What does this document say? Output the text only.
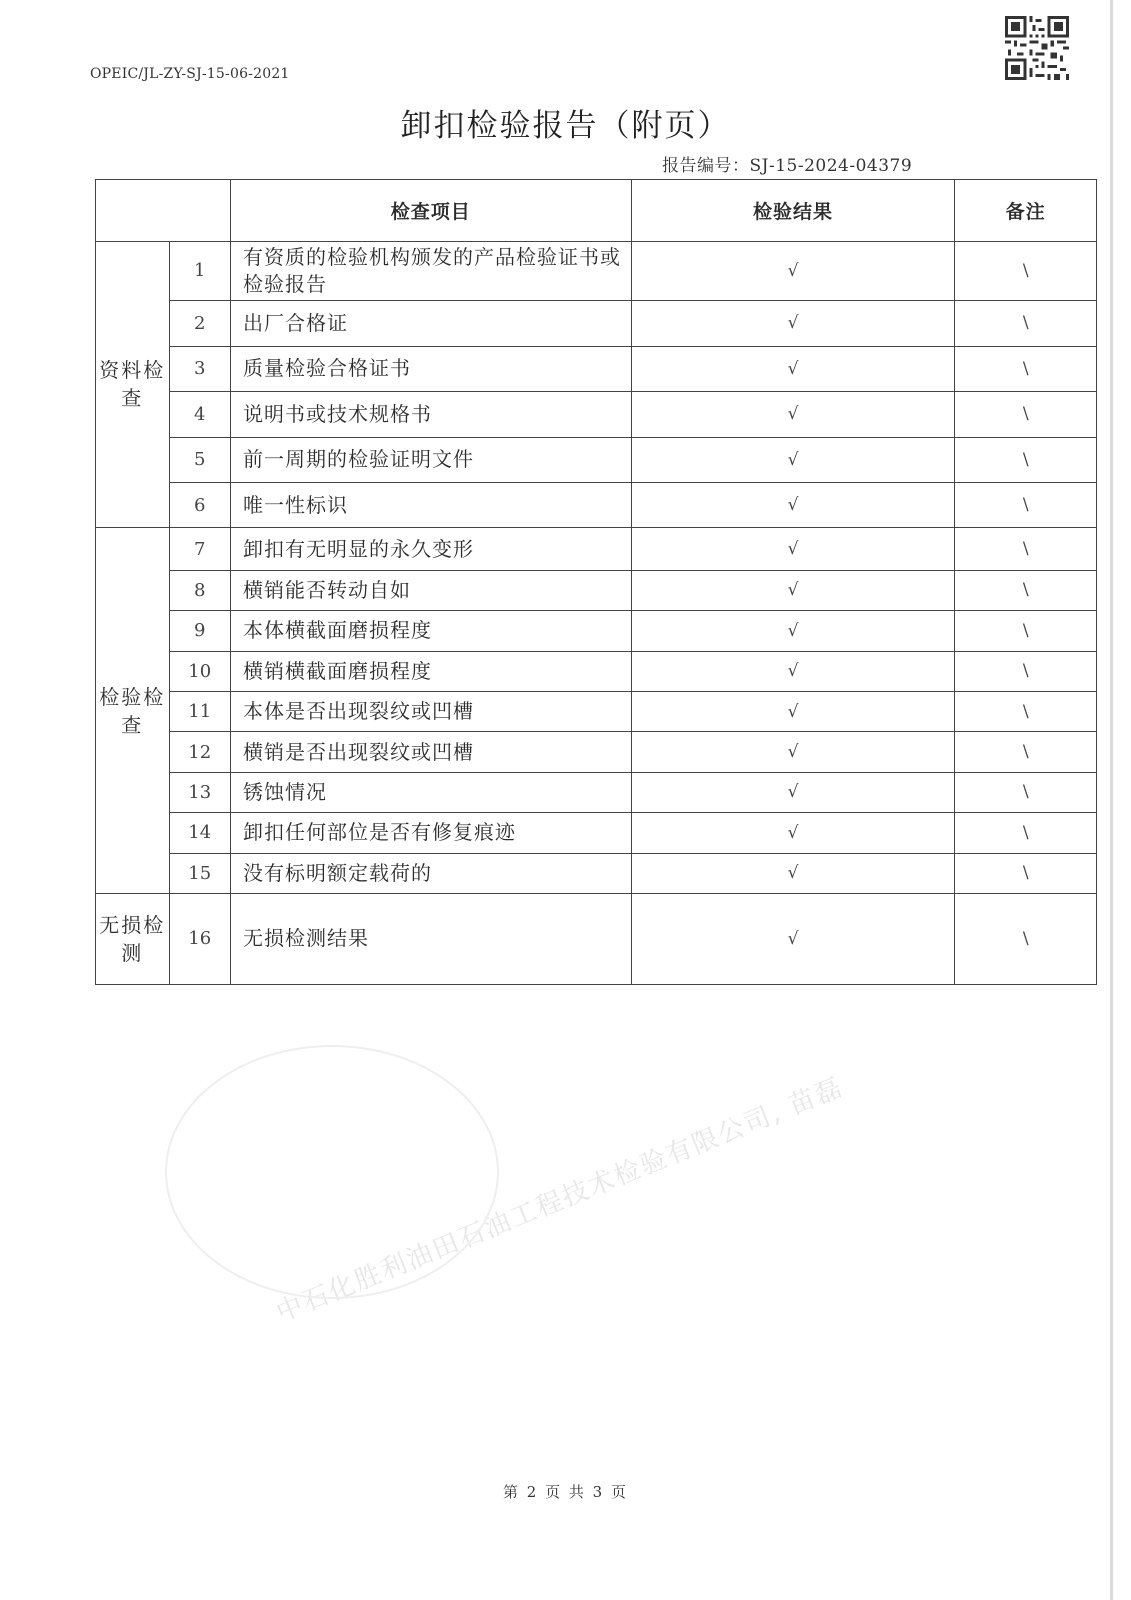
OPEIC/JL-ZY-SJ-15-06-2021
卸扣检验报告（附页）
报告编号：SJ-15-2024-04379
		检查项目	检验结果	备注
资料检查	1	有资质的检验机构颁发的产品检验证书或检验报告	√	\
	2	出厂合格证	√	\
	3	质量检验合格证书	√	\
	4	说明书或技术规格书	√	\
	5	前一周期的检验证明文件	√	\
	6	唯一性标识	√	\
检验检查	7	卸扣有无明显的永久变形	√	\
	8	横销能否转动自如	√	\
	9	本体横截面磨损程度	√	\
	10	横销横截面磨损程度	√	\
	11	本体是否出现裂纹或凹槽	√	\
	12	横销是否出现裂纹或凹槽	√	\
	13	锈蚀情况	√	\
	14	卸扣任何部位是否有修复痕迹	√	\
	15	没有标明额定载荷的	√	\
无损检测	16	无损检测结果	√	\
中石化胜利油田石油工程技术检验有限公司, 苗磊
第 2 页 共 3 页
